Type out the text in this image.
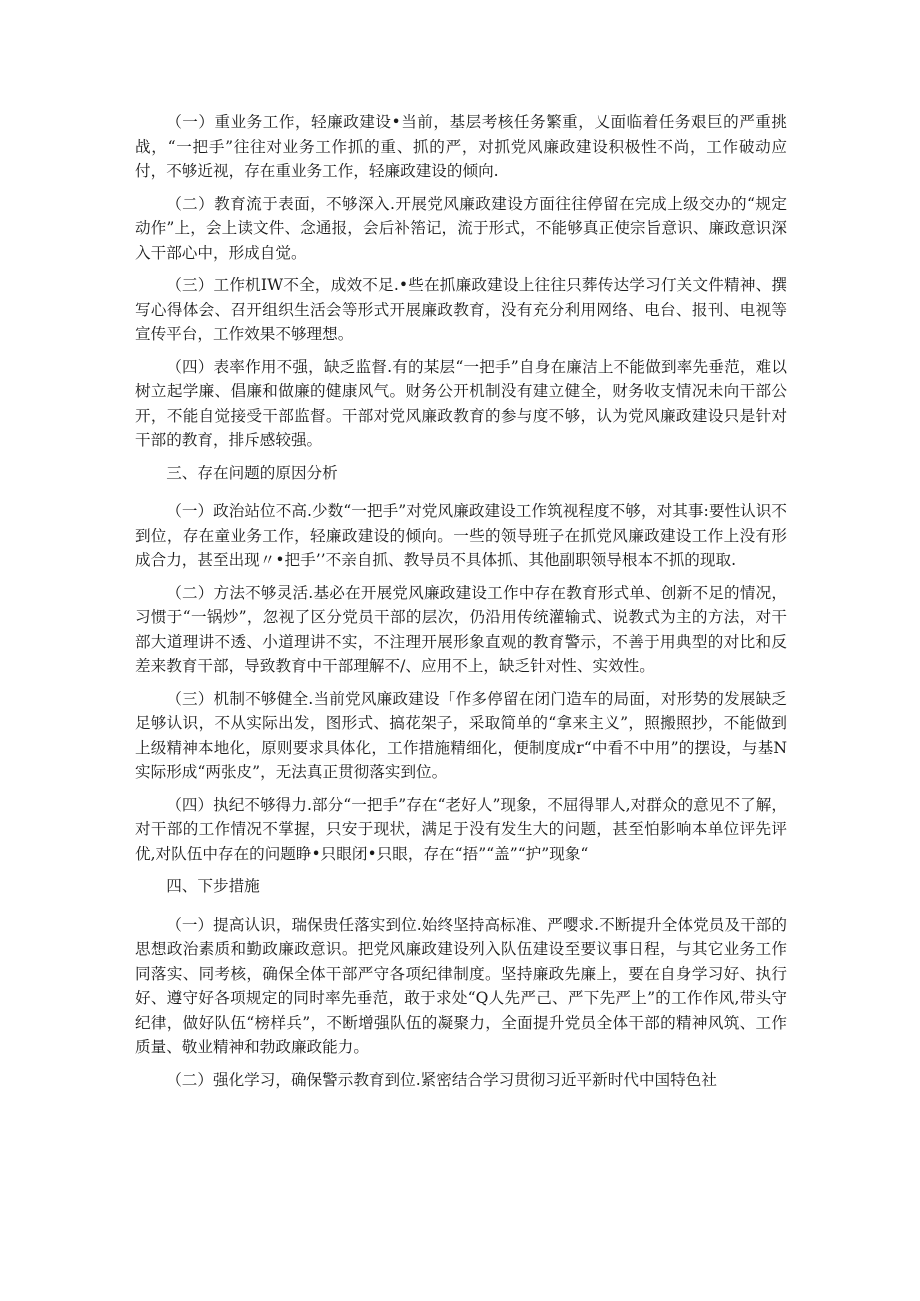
（一）重业务工作，轻廉政建设•当前，基层考核任务繁重，乂面临着任务艰巨的严重挑战，“一把手”往往对业务工作抓的重、抓的严，对抓党风廉政建设积极性不尚，工作破动应付，不够近视，存在重业务工作，轻廉政建设的倾向.

（二）教育流于表面，不够深入.开展党风廉政建设方面往往停留在完成上级交办的“规定动作”上，会上读文件、念通报，会后补箈记，流于形式，不能够真正使宗旨意识、廉政意识深入干部心中，形成自觉。

（三）工作机IW不全，成效不足.•些在抓廉政建设上往往只葬传达学习仃关文件精神、撰写心得体会、召开组织生活会等形式开展廉政教育，没有充分利用网络、电台、报刊、电视等宣传平台，工作效果不够理想。

（四）表率作用不强，缺乏监督.有的某层“一把手”自身在廉洁上不能做到率先垂范，难以树立起学廉、倡廉和做廉的健康风气。财务公开机制没有建立健全，财务收支情况未向干部公开，不能自觉接受干部监督。干部对党风廉政教育的参与度不够，认为党风廉政建设只是针对干部的教育，排斥感较强。

三、存在问题的原因分析

（一）政治站位不高.少数“一把手”对党风廉政建设工作筑视程度不够，对其事:要性认识不到位，存在童业务工作，轻廉政建设的倾向。一些的领导班子在抓党风廉政建设工作上没有形成合力，甚至出现〃•把手’’不亲自抓、教导员不具体抓、其他副职领导根本不抓的现取.

（二）方法不够灵活.基必在开展党风廉政建设工作中存在教育形式单、创新不足的情况，习惯于“一锅炒”，忽视了区分党员干部的层次，仍沿用传统灌输式、说教式为主的方法，对干部大道理讲不透、小道理讲不实，不注理开展形象直观的教育警示，不善于用典型的对比和反差来教育干部，导致教育中干部理解不/、应用不上，缺乏针对性、实效性。

（三）机制不够健全.当前党风廉政建设「作多停留在闭门造车的局面，对形势的发展缺乏足够认识，不从实际出发，图形式、搞花架子，采取简单的“拿来主义”，照搬照抄，不能做到上级精神本地化，原则要求具体化，工作措施精细化，便制度成r“中看不中用”的摆设，与基N实际形成“两张皮”，无法真正贯彻落实到位。

（四）执纪不够得力.部分“一把手”存在“老好人”现象，不屈得罪人,对群众的意见不了解，对干部的工作情况不掌握，只安于现状，满足于没有发生大的问题，甚至怕影响本单位评先评优,对队伍中存在的问题睁•只眼闭•只眼，存在“捂”“盖”“护”现象“

四、下步措施

（一）提高认识，瑞保贵任落实到位.始终坚持高标准、严嘤求.不断提升全体党员及干部的思想政治素质和勤政廉政意识。把党风廉政建设列入队伍建设至要议事日程，与其它业务工作同落实、同考核，确保全体干部严守各项纪律制度。坚持廉政先廉上，要在自身学习好、执行好、遵守好各项规定的同时率先垂范，敢于求处“Q人先严己、严下先严上”的工作作风,带头守纪律，做好队伍“榜样兵”，不断增强队伍的凝聚力，全面提升党员全体干部的精神风筑、工作质量、敬业精神和勃政廉政能力。

（二）强化学习，确保警示教育到位.紧密结合学习贯彻习近平新时代中国特色社
